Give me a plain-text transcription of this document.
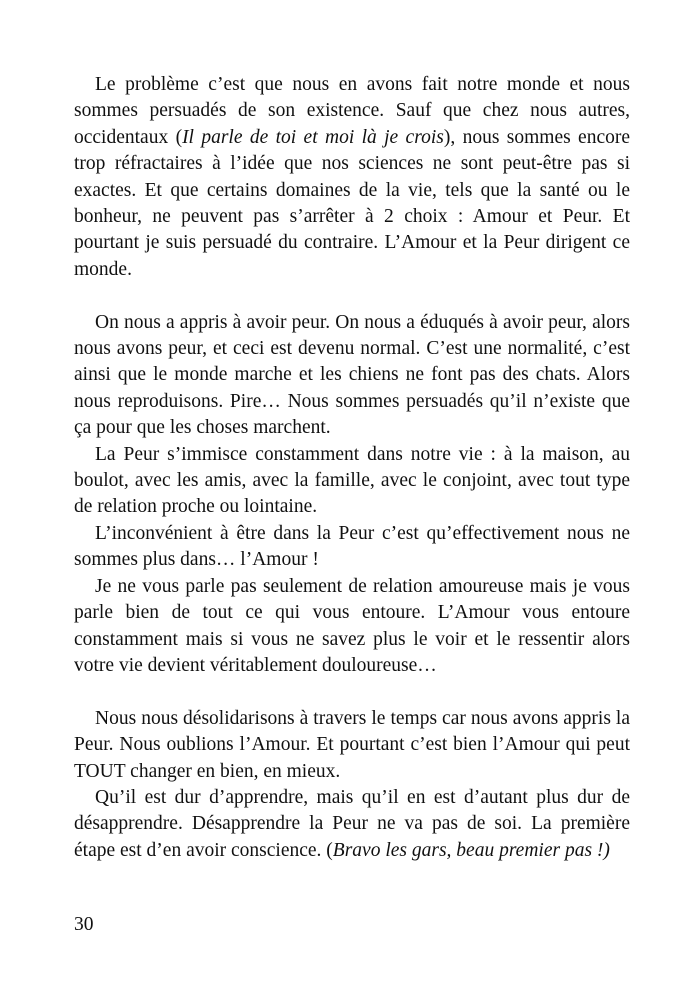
Le problème c’est que nous en avons fait notre monde et nous sommes persuadés de son existence. Sauf que chez nous autres, occidentaux (Il parle de toi et moi là je crois), nous sommes encore trop réfractaires à l’idée que nos sciences ne sont peut-être pas si exactes. Et que certains domaines de la vie, tels que la santé ou le bonheur, ne peuvent pas s’arrêter à 2 choix : Amour et Peur. Et pourtant je suis persuadé du contraire. L’Amour et la Peur dirigent ce monde.

On nous a appris à avoir peur. On nous a éduqués à avoir peur, alors nous avons peur, et ceci est devenu normal. C’est une normalité, c’est ainsi que le monde marche et les chiens ne font pas des chats. Alors nous reproduisons. Pire… Nous sommes persuadés qu’il n’existe que ça pour que les choses marchent.

La Peur s’immisce constamment dans notre vie : à la maison, au boulot, avec les amis, avec la famille, avec le conjoint, avec tout type de relation proche ou lointaine.

L’inconvénient à être dans la Peur c’est qu’effectivement nous ne sommes plus dans… l’Amour !

Je ne vous parle pas seulement de relation amoureuse mais je vous parle bien de tout ce qui vous entoure. L’Amour vous entoure constamment mais si vous ne savez plus le voir et le ressentir alors votre vie devient véritablement douloureuse…

Nous nous désolidarisons à travers le temps car nous avons appris la Peur. Nous oublions l’Amour. Et pourtant c’est bien l’Amour qui peut TOUT changer en bien, en mieux.

Qu’il est dur d’apprendre, mais qu’il en est d’autant plus dur de désapprendre. Désapprendre la Peur ne va pas de soi. La première étape est d’en avoir conscience. (Bravo les gars, beau premier pas !)

30
